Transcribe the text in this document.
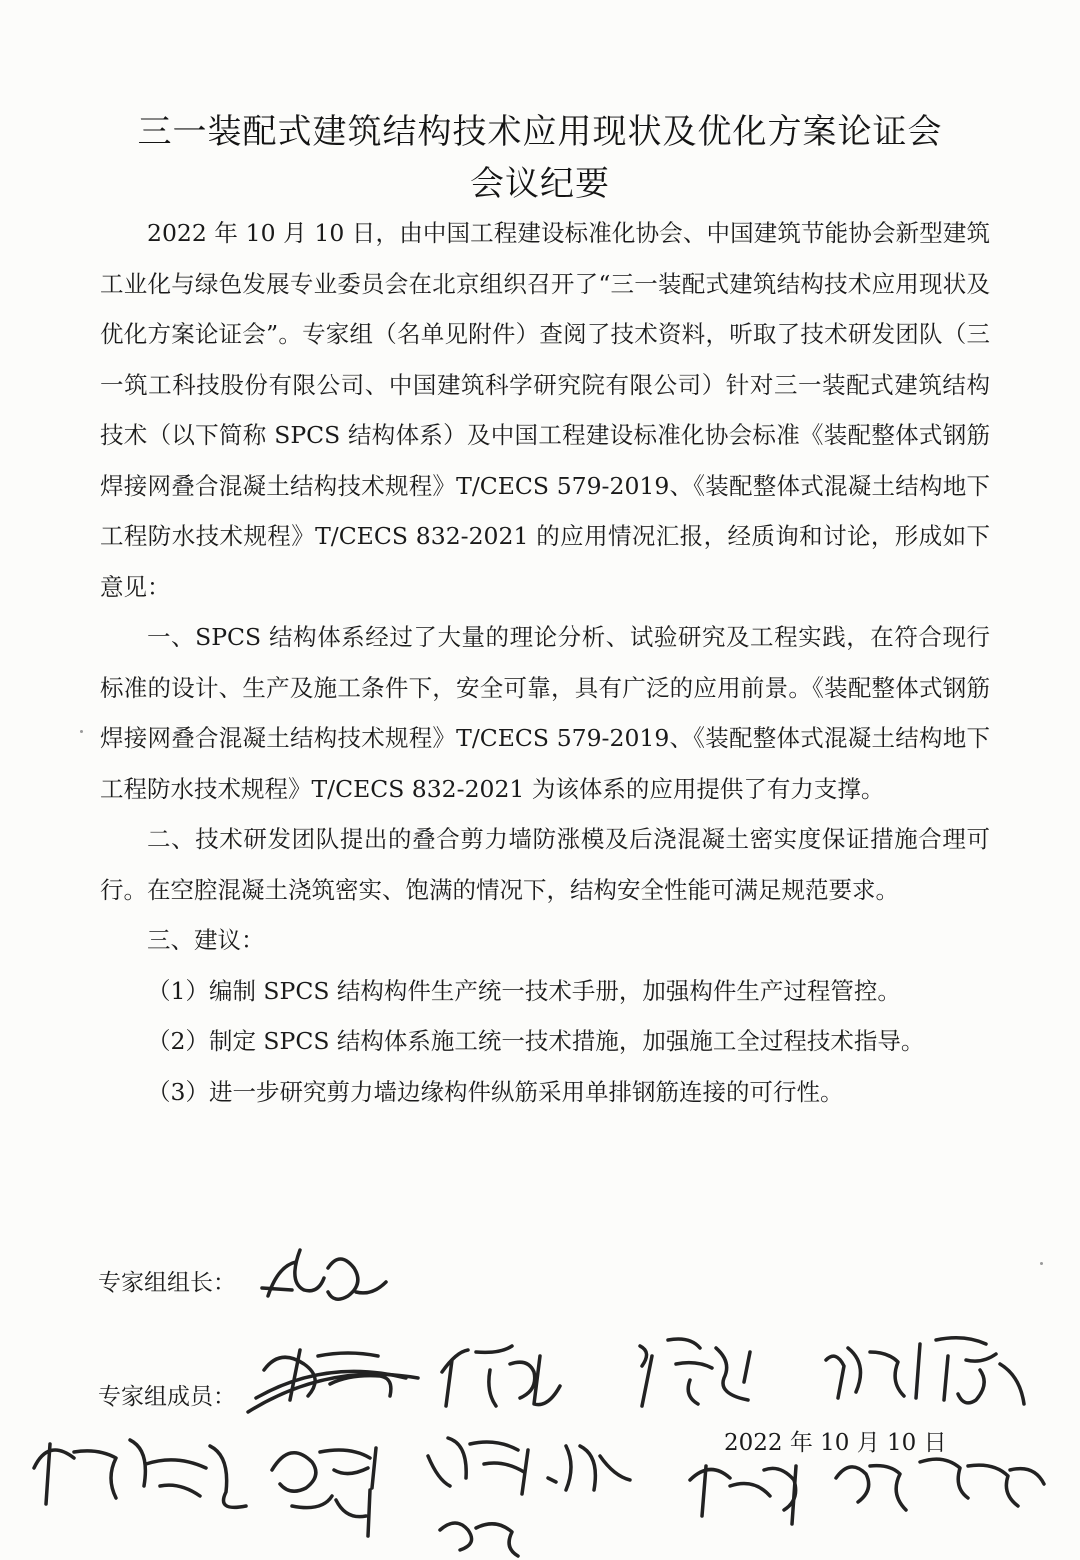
三一装配式建筑结构技术应用现状及优化方案论证会
会议纪要

2022 年 10 月 10 日，由中国工程建设标准化协会、中国建筑节能协会新型建筑工业化与绿色发展专业委员会在北京组织召开了“三一装配式建筑结构技术应用现状及优化方案论证会”。专家组（名单见附件）查阅了技术资料，听取了技术研发团队（三一筑工科技股份有限公司、中国建筑科学研究院有限公司）针对三一装配式建筑结构技术（以下简称 SPCS 结构体系）及中国工程建设标准化协会标准《装配整体式钢筋焊接网叠合混凝土结构技术规程》T/CECS 579-2019、《装配整体式混凝土结构地下工程防水技术规程》T/CECS 832-2021 的应用情况汇报，经质询和讨论，形成如下意见：

一、SPCS 结构体系经过了大量的理论分析、试验研究及工程实践，在符合现行标准的设计、生产及施工条件下，安全可靠，具有广泛的应用前景。《装配整体式钢筋焊接网叠合混凝土结构技术规程》T/CECS 579-2019、《装配整体式混凝土结构地下工程防水技术规程》T/CECS 832-2021 为该体系的应用提供了有力支撑。

二、技术研发团队提出的叠合剪力墙防涨模及后浇混凝土密实度保证措施合理可行。在空腔混凝土浇筑密实、饱满的情况下，结构安全性能可满足规范要求。

三、建议：

（1）编制 SPCS 结构构件生产统一技术手册，加强构件生产过程管控。

（2）制定 SPCS 结构体系施工统一技术措施，加强施工全过程技术指导。

（3）进一步研究剪力墙边缘构件纵筋采用单排钢筋连接的可行性。

专家组组长：
专家组成员：
2022 年 10 月 10 日
